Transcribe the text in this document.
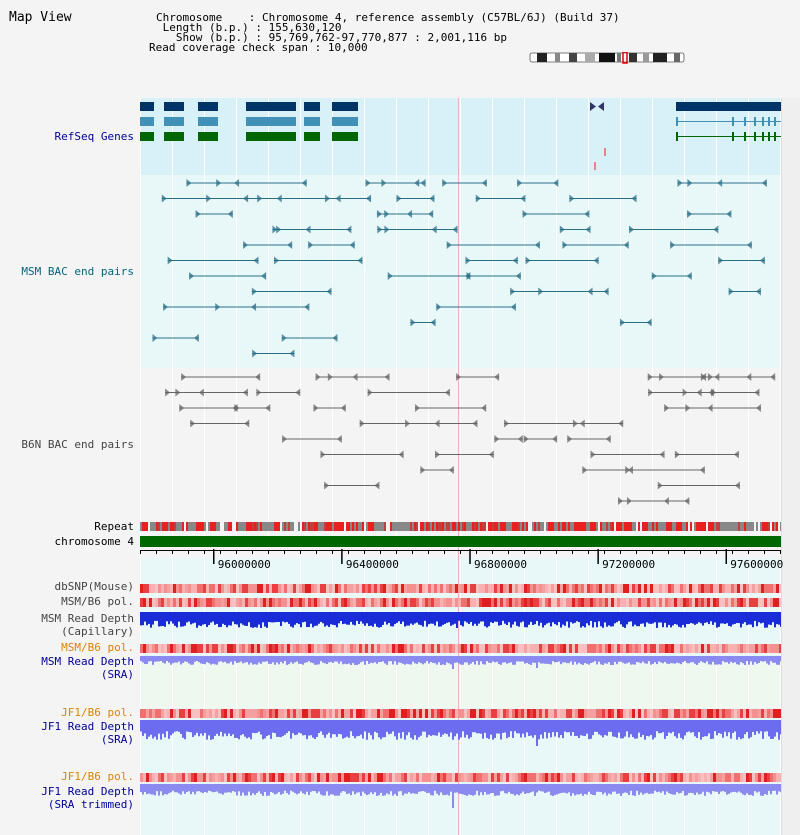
Map View	Chromosome    : Chromosome 4, reference assembly (C57BL/6J) (Build 37)
Length (b.p.) : 155,630,120
Show (b.p.) : 95,769,762-97,770,877 : 2,001,116 bp
Read coverage check span : 10,000
RefSeq Genes
MSM BAC end pairs
B6N BAC end pairs
Repeat
chromosome 4
dbSNP(Mouse)
MSM/B6 pol.
MSM Read Depth
(Capillary)
MSM/B6 pol.
MSM Read Depth
(SRA)
JF1/B6 pol.
JF1 Read Depth
(SRA)
JF1/B6 pol.
JF1 Read Depth
(SRA trimmed)
96000000	96400000	96800000	97200000	97600000
